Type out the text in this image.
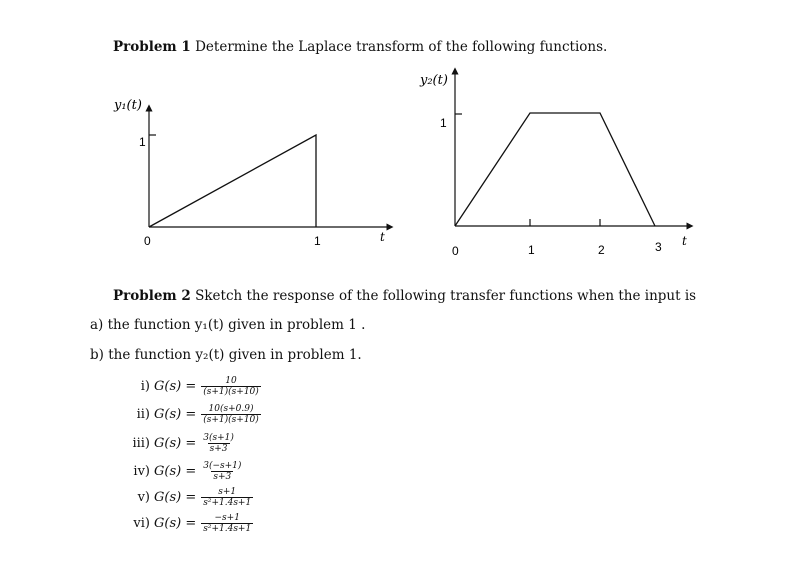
Problem 1 Determine the Laplace transform of the following functions.
y₁(t)
1
0	1	t
y₂(t)
1
0	1	2	3 t
Problem 2 Sketch the response of the following transfer functions when the input is
a) the function y₁(t) given in problem 1 .
b) the function y₂(t) given in problem 1.
i) $G(s) = \frac{10}{(s+1)(s+10)}$
ii) $G(s) = \frac{10(s+0.9)}{(s+1)(s+10)}$
iii) $G(s) = \frac{3(s+1)}{s+3}$
iv) $G(s) = \frac{3(-s+1)}{s+3}$
v) $G(s) = \frac{s+1}{\text{s²+1.4s+1}}$
vi) $G(s) = \frac{-s+1}{\text{s²+1.4s+1}}$
